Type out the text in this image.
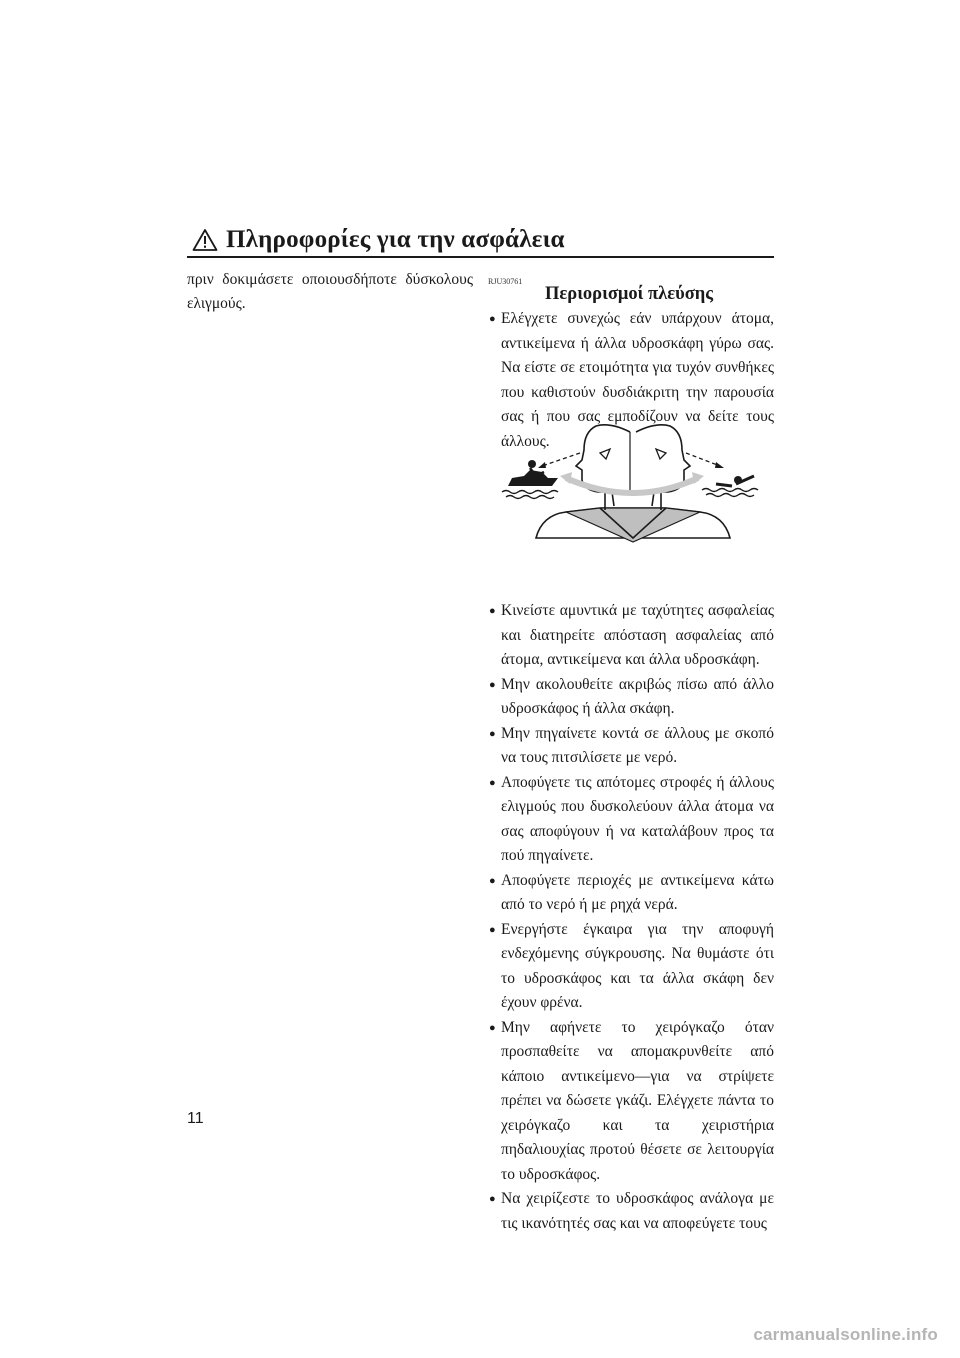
Πληροφορίες για την ασφάλεια
πριν δοκιμάσετε οποιουσδήποτε δύσκολους ελιγμούς.
RJU30761
Περιορισμοί πλεύσης
● Ελέγχετε συνεχώς εάν υπάρχουν άτομα, αντικείμενα ή άλλα υδροσκάφη γύρω σας. Να είστε σε ετοιμότητα για τυχόν συνθήκες που καθιστούν δυσδιάκριτη την παρουσία σας ή που σας εμποδίζουν να δείτε τους άλλους.
● Κινείστε αμυντικά με ταχύτητες ασφαλείας και διατηρείτε απόσταση ασφαλείας από άτομα, αντικείμενα και άλλα υδροσκάφη.
● Μην ακολουθείτε ακριβώς πίσω από άλλο υδροσκάφος ή άλλα σκάφη.
● Μην πηγαίνετε κοντά σε άλλους με σκοπό να τους πιτσιλίσετε με νερό.
● Αποφύγετε τις απότομες στροφές ή άλλους ελιγμούς που δυσκολεύουν άλλα άτομα να σας αποφύγουν ή να καταλάβουν προς τα πού πηγαίνετε.
● Αποφύγετε περιοχές με αντικείμενα κάτω από το νερό ή με ρηχά νερά.
● Ενεργήστε έγκαιρα για την αποφυγή ενδεχόμενης σύγκρουσης. Να θυμάστε ότι το υδροσκάφος και τα άλλα σκάφη δεν έχουν φρένα.
● Μην αφήνετε το χειρόγκαζο όταν προσπαθείτε να απομακρυνθείτε από κάποιο αντικείμενο—για να στρίψετε πρέπει να δώσετε γκάζι. Ελέγχετε πάντα το χειρόγκαζο και τα χειριστήρια πηδαλιουχίας προτού θέσετε σε λειτουργία το υδροσκάφος.
● Να χειρίζεστε το υδροσκάφος ανάλογα με τις ικανότητές σας και να αποφεύγετε τους
11
carmanualsonline.info
